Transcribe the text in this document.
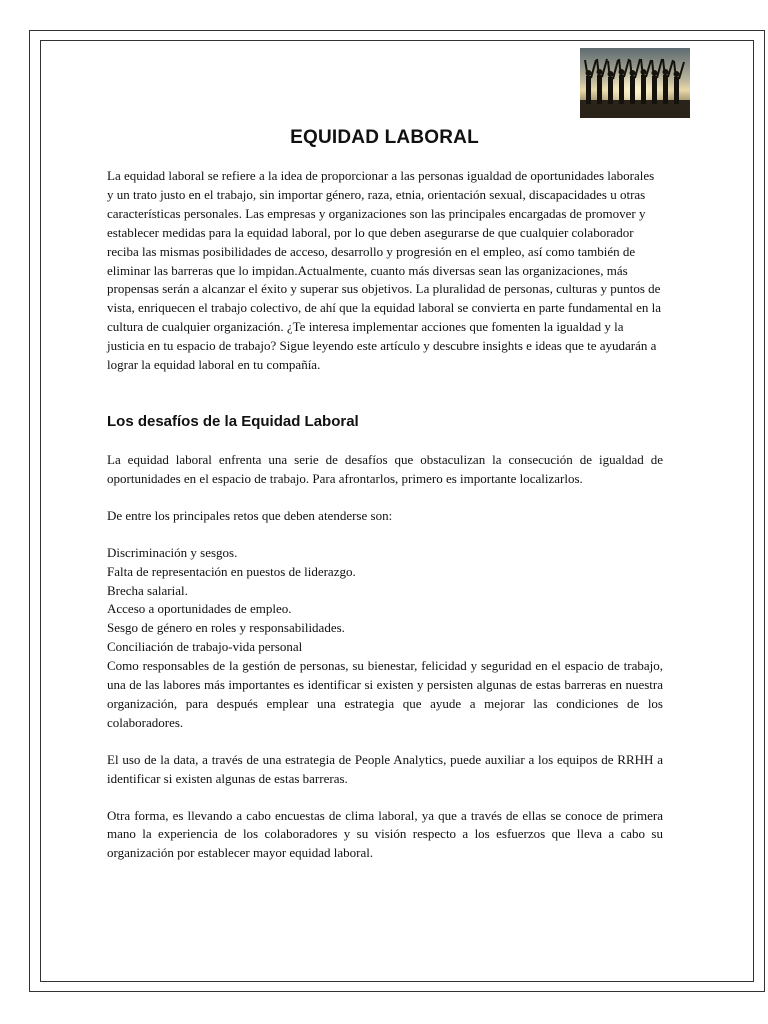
EQUIDAD LABORAL

La equidad laboral se refiere a la idea de proporcionar a las personas igualdad de oportunidades laborales y un trato justo en el trabajo, sin importar género, raza, etnia, orientación sexual, discapacidades u otras características personales. Las empresas y organizaciones son las principales encargadas de promover y establecer medidas para la equidad laboral, por lo que deben asegurarse de que cualquier colaborador reciba las mismas posibilidades de acceso, desarrollo y progresión en el empleo, así como también de eliminar las barreras que lo impidan.Actualmente, cuanto más diversas sean las organizaciones, más propensas serán a alcanzar el éxito y superar sus objetivos. La pluralidad de personas, culturas y puntos de vista, enriquecen el trabajo colectivo, de ahí que la equidad laboral se convierta en parte fundamental en la cultura de cualquier organización. ¿Te interesa implementar acciones que fomenten la igualdad y la justicia en tu espacio de trabajo? Sigue leyendo este artículo y descubre insights e ideas que te ayudarán a lograr la equidad laboral en tu compañía.

Los desafíos de la Equidad Laboral

La equidad laboral enfrenta una serie de desafíos que obstaculizan la consecución de igualdad de oportunidades en el espacio de trabajo. Para afrontarlos, primero es importante localizarlos.

De entre los principales retos que deben atenderse son:

Discriminación y sesgos.
Falta de representación en puestos de liderazgo.
Brecha salarial.
Acceso a oportunidades de empleo.
Sesgo de género en roles y responsabilidades.
Conciliación de trabajo-vida personal

Como responsables de la gestión de personas, su bienestar, felicidad y seguridad en el espacio de trabajo, una de las labores más importantes es identificar si existen y persisten algunas de estas barreras en nuestra organización, para después emplear una estrategia que ayude a mejorar las condiciones de los colaboradores.

El uso de la data, a través de una estrategia de People Analytics, puede auxiliar a los equipos de RRHH a identificar si existen algunas de estas barreras.

Otra forma, es llevando a cabo encuestas de clima laboral, ya que a través de ellas se conoce de primera mano la experiencia de los colaboradores y su visión respecto a los esfuerzos que lleva a cabo su organización por establecer mayor equidad laboral.
